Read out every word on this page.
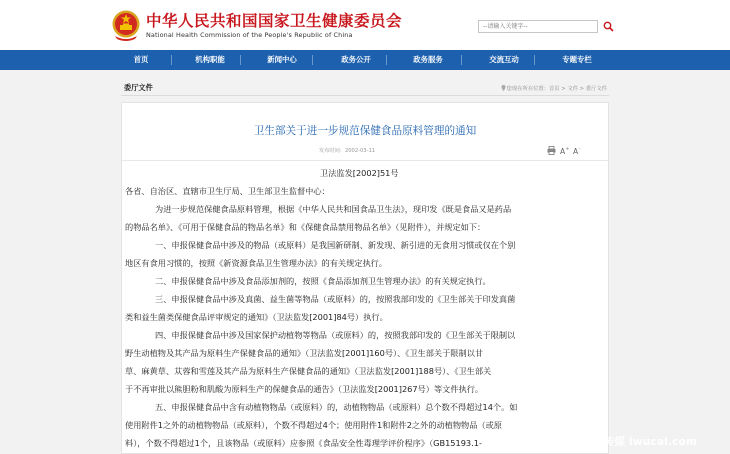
中华人民共和国国家卫生健康委员会
National Health Commission of the People's Republic of China
--请输入关键字--
首页	机构职能	新闻中心	政务公开	政务服务	交流互动	专题专栏
委厅文件	您现在所在位置：首页 > 文件 > 委厅文件
卫生部关于进一步规范保健食品原料管理的通知
发布时间：2002-03-11	A + A -
卫法监发[2002]51号
各省、自治区、直辖市卫生厅局、卫生部卫生监督中心：
为进一步规范保健食品原料管理，根据《中华人民共和国食品卫生法》，现印发《既是食品又是药品
的物品名单》、《可用于保健食品的物品名单》和《保健食品禁用物品名单》（见附件），并规定如下：
一、申报保健食品中涉及的物品（或原料）是我国新研制、新发现、新引进的无食用习惯或仅在个别
地区有食用习惯的，按照《新资源食品卫生管理办法》的有关规定执行。
二、申报保健食品中涉及食品添加剂的，按照《食品添加剂卫生管理办法》的有关规定执行。
三、申报保健食品中涉及真菌、益生菌等物品（或原料）的，按照我部印发的《卫生部关于印发真菌
类和益生菌类保健食品评审规定的通知》（卫法监发[2001]84号）执行。
四、申报保健食品中涉及国家保护动植物等物品（或原料）的，按照我部印发的《卫生部关于限制以
野生动植物及其产品为原料生产保健食品的通知》（卫法监发[2001]160号）、《卫生部关于限制以甘
草、麻黄草、苁蓉和雪莲及其产品为原料生产保健食品的通知》（卫法监发[2001]188号）、《卫生部关
于不再审批以熊胆粉和肌酸为原料生产的保健食品的通告》（卫法监发[2001]267号）等文件执行。
五、申报保健食品中含有动植物物品（或原料）的，动植物物品（或原料）总个数不得超过14个。如
使用附件1之外的动植物物品（或原料），个数不得超过4个；使用附件1和附件2之外的动植物物品（或原
料），个数不得超过1个，且该物品（或原料）应参照《食品安全性毒理学评价程序》（GB15193.1-	冀彩国际传媒 iwucai.com
